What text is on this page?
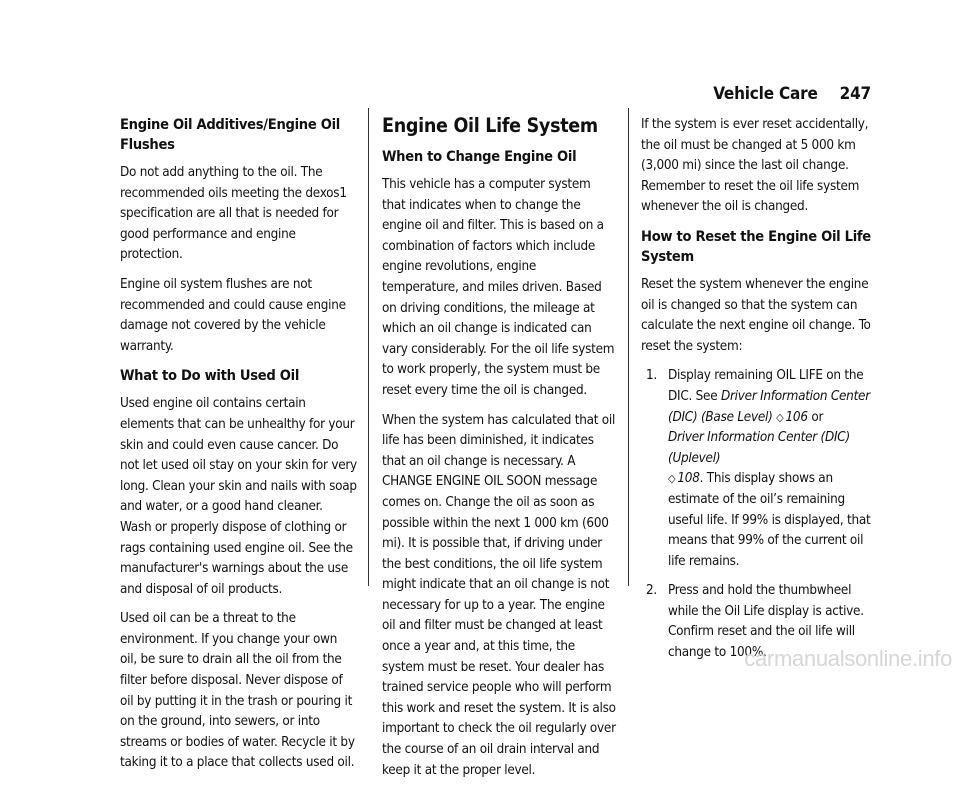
Vehicle Care 247
Engine Oil Additives/Engine Oil Flushes

Do not add anything to the oil. The recommended oils meeting the dexos1 specification are all that is needed for good performance and engine protection.

Engine oil system flushes are not recommended and could cause engine damage not covered by the vehicle warranty.

What to Do with Used Oil

Used engine oil contains certain elements that can be unhealthy for your skin and could even cause cancer. Do not let used oil stay on your skin for very long. Clean your skin and nails with soap and water, or a good hand cleaner. Wash or properly dispose of clothing or rags containing used engine oil. See the manufacturer's warnings about the use and disposal of oil products.

Used oil can be a threat to the environment. If you change your own oil, be sure to drain all the oil from the filter before disposal. Never dispose of oil by putting it in the trash or pouring it on the ground, into sewers, or into streams or bodies of water. Recycle it by taking it to a place that collects used oil.

Engine Oil Life System
When to Change Engine Oil

This vehicle has a computer system that indicates when to change the engine oil and filter. This is based on a combination of factors which include engine revolutions, engine temperature, and miles driven. Based on driving conditions, the mileage at which an oil change is indicated can vary considerably. For the oil life system to work properly, the system must be reset every time the oil is changed.

When the system has calculated that oil life has been diminished, it indicates that an oil change is necessary. A CHANGE ENGINE OIL SOON message comes on. Change the oil as soon as possible within the next 1 000 km (600 mi). It is possible that, if driving under the best conditions, the oil life system might indicate that an oil change is not necessary for up to a year. The engine oil and filter must be changed at least once a year and, at this time, the system must be reset. Your dealer has trained service people who will perform this work and reset the system. It is also important to check the oil regularly over the course of an oil drain interval and keep it at the proper level.

If the system is ever reset accidentally, the oil must be changed at 5 000 km (3,000 mi) since the last oil change. Remember to reset the oil life system whenever the oil is changed.

How to Reset the Engine Oil Life System

Reset the system whenever the engine oil is changed so that the system can calculate the next engine oil change. To reset the system:

1. Display remaining OIL LIFE on the DIC. See Driver Information Center (DIC) (Base Level) ◇ 106 or
Driver Information Center (DIC) (Uplevel)
◇ 108. This display shows an estimate of the oil’s remaining useful life. If 99% is displayed, that means that 99% of the current oil life remains.
2. Press and hold the thumbwheel while the Oil Life display is active. Confirm reset and the oil life will change to 100%.
carmanualsonline.info
